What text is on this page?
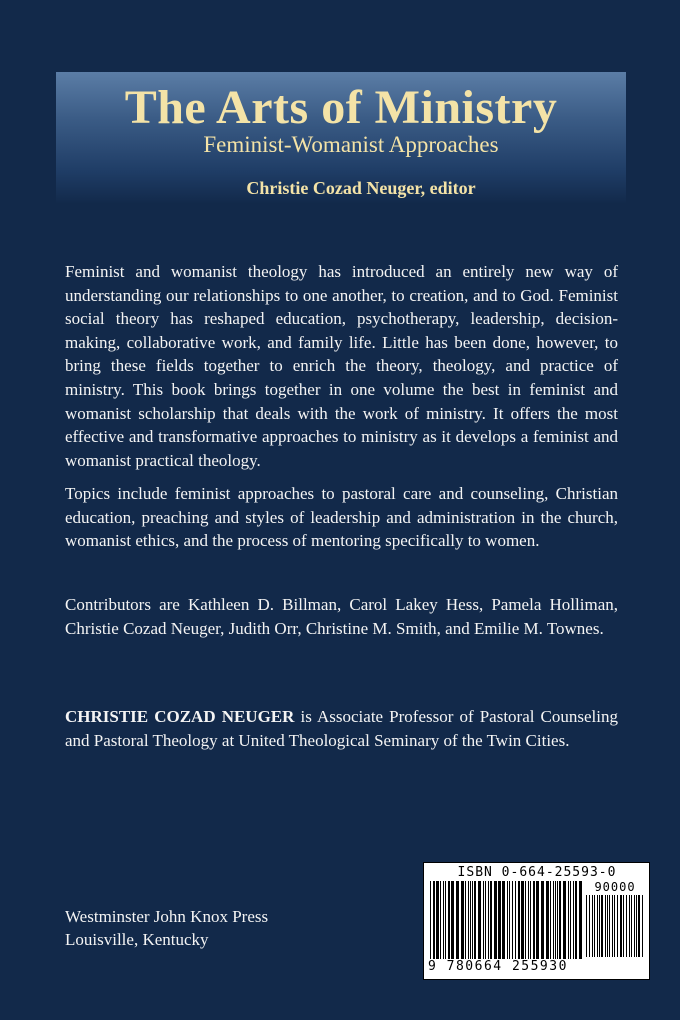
The Arts of Ministry
Feminist-Womanist Approaches
Christie Cozad Neuger, editor
Feminist and womanist theology has introduced an entirely new way of understanding our relationships to one another, to creation, and to God. Feminist social theory has reshaped education, psychotherapy, leadership, decision-making, collaborative work, and family life. Little has been done, however, to bring these fields together to enrich the theory, theology, and practice of ministry. This book brings together in one volume the best in feminist and womanist scholarship that deals with the work of ministry. It offers the most effective and transformative approaches to ministry as it develops a feminist and womanist practical theology.
Topics include feminist approaches to pastoral care and counseling, Christian education, preaching and styles of leadership and administration in the church, womanist ethics, and the process of mentoring specifically to women.
Contributors are Kathleen D. Billman, Carol Lakey Hess, Pamela Holliman, Christie Cozad Neuger, Judith Orr, Christine M. Smith, and Emilie M. Townes.
CHRISTIE COZAD NEUGER is Associate Professor of Pastoral Counseling and Pastoral Theology at United Theological Seminary of the Twin Cities.
Westminster John Knox Press
Louisville, Kentucky
ISBN 0-664-25593-0
90000
9 780664 255930
